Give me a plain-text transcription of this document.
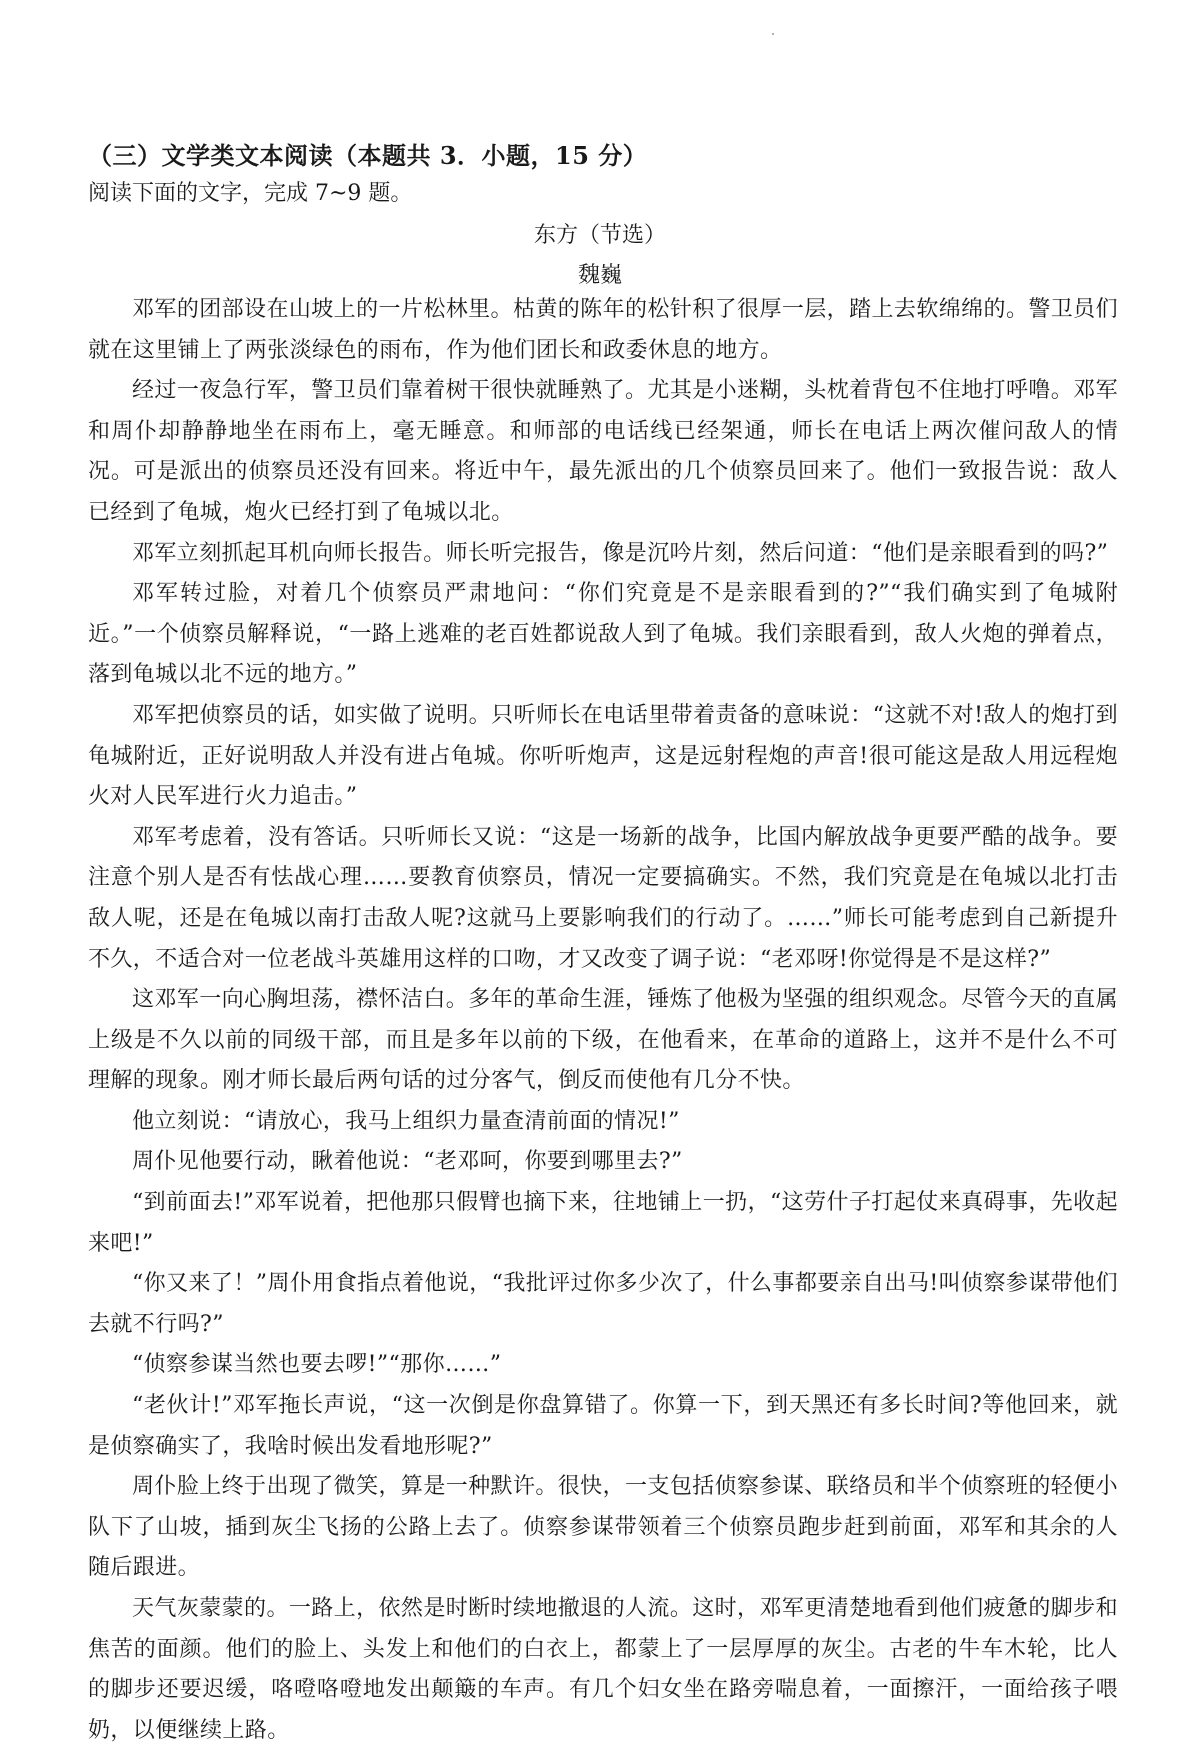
（三）文学类文本阅读（本题共 3．小题，15 分）
阅读下面的文字，完成 7~9 题。
东方（节选）
魏巍

邓军的团部设在山坡上的一片松林里。枯黄的陈年的松针积了很厚一层，踏上去软绵绵的。警卫员们就在这里铺上了两张淡绿色的雨布，作为他们团长和政委休息的地方。

经过一夜急行军，警卫员们靠着树干很快就睡熟了。尤其是小迷糊，头枕着背包不住地打呼噜。邓军和周仆却静静地坐在雨布上，毫无睡意。和师部的电话线已经架通，师长在电话上两次催问敌人的情况。可是派出的侦察员还没有回来。将近中午，最先派出的几个侦察员回来了。他们一致报告说：敌人已经到了龟城，炮火已经打到了龟城以北。

邓军立刻抓起耳机向师长报告。师长听完报告，像是沉吟片刻，然后问道：“他们是亲眼看到的吗?”

邓军转过脸，对着几个侦察员严肃地问：“你们究竟是不是亲眼看到的?”“我们确实到了龟城附近。”一个侦察员解释说，“一路上逃难的老百姓都说敌人到了龟城。我们亲眼看到，敌人火炮的弹着点，落到龟城以北不远的地方。”

邓军把侦察员的话，如实做了说明。只听师长在电话里带着责备的意味说：“这就不对!敌人的炮打到龟城附近，正好说明敌人并没有进占龟城。你听听炮声，这是远射程炮的声音!很可能这是敌人用远程炮火对人民军进行火力追击。”

邓军考虑着，没有答话。只听师长又说：“这是一场新的战争，比国内解放战争更要严酷的战争。要注意个别人是否有怯战心理……要教育侦察员，情况一定要搞确实。不然，我们究竟是在龟城以北打击敌人呢，还是在龟城以南打击敌人呢?这就马上要影响我们的行动了。……”师长可能考虑到自己新提升不久，不适合对一位老战斗英雄用这样的口吻，才又改变了调子说：“老邓呀!你觉得是不是这样?”

这邓军一向心胸坦荡，襟怀洁白。多年的革命生涯，锤炼了他极为坚强的组织观念。尽管今天的直属上级是不久以前的同级干部，而且是多年以前的下级，在他看来，在革命的道路上，这并不是什么不可理解的现象。刚才师长最后两句话的过分客气，倒反而使他有几分不快。

他立刻说：“请放心，我马上组织力量查清前面的情况!”

周仆见他要行动，瞅着他说：“老邓呵，你要到哪里去?”

“到前面去!”邓军说着，把他那只假臂也摘下来，往地铺上一扔，“这劳什子打起仗来真碍事，先收起来吧!”

“你又来了！”周仆用食指点着他说，“我批评过你多少次了，什么事都要亲自出马!叫侦察参谋带他们去就不行吗?”

“侦察参谋当然也要去啰!”“那你……”

“老伙计!”邓军拖长声说，“这一次倒是你盘算错了。你算一下，到天黑还有多长时间?等他回来，就是侦察确实了，我啥时候出发看地形呢?”

周仆脸上终于出现了微笑，算是一种默许。很快，一支包括侦察参谋、联络员和半个侦察班的轻便小队下了山坡，插到灰尘飞扬的公路上去了。侦察参谋带领着三个侦察员跑步赶到前面，邓军和其余的人随后跟进。

天气灰蒙蒙的。一路上，依然是时断时续地撤退的人流。这时，邓军更清楚地看到他们疲惫的脚步和焦苦的面颜。他们的脸上、头发上和他们的白衣上，都蒙上了一层厚厚的灰尘。古老的牛车木轮，比人的脚步还要迟缓，咯噔咯噔地发出颠簸的车声。有几个妇女坐在路旁喘息着，一面擦汗，一面给孩子喂奶，以便继续上路。
